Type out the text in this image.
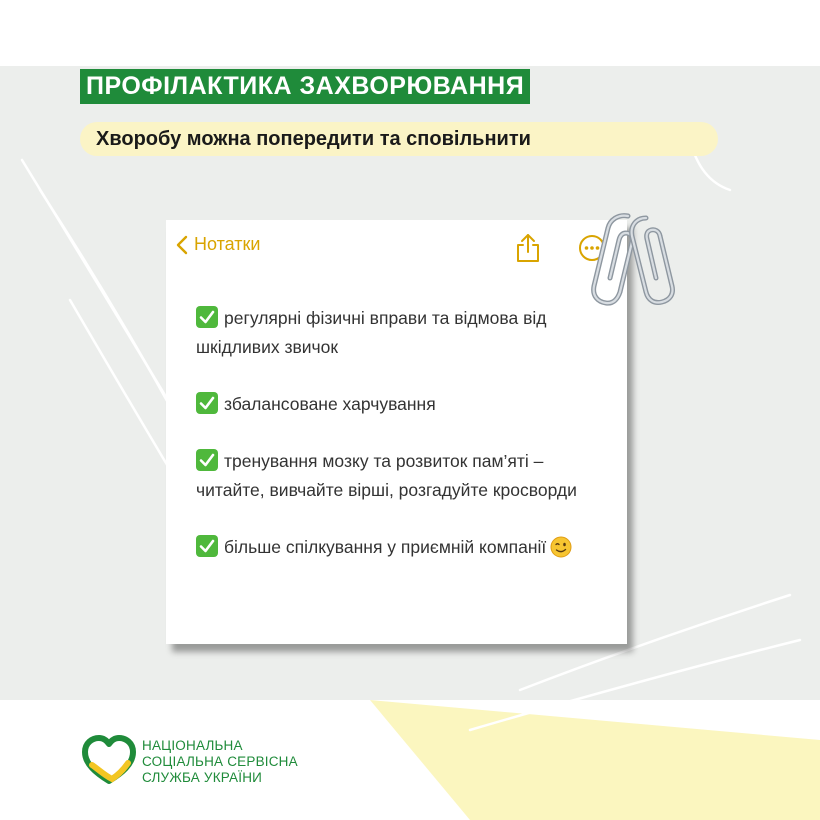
ПРОФІЛАКТИКА ЗАХВОРЮВАННЯ
Хворобу можна попередити та сповільнити
Нотатки
регулярні фізичні вправи та відмова від шкідливих звичок
збалансоване харчування
тренування мозку та розвиток пам’яті – читайте, вивчайте вірші, розгадуйте кросворди
більше спілкування у приємній компанії
НАЦІОНАЛЬНА
СОЦІАЛЬНА СЕРВІСНА
СЛУЖБА УКРАЇНИ
